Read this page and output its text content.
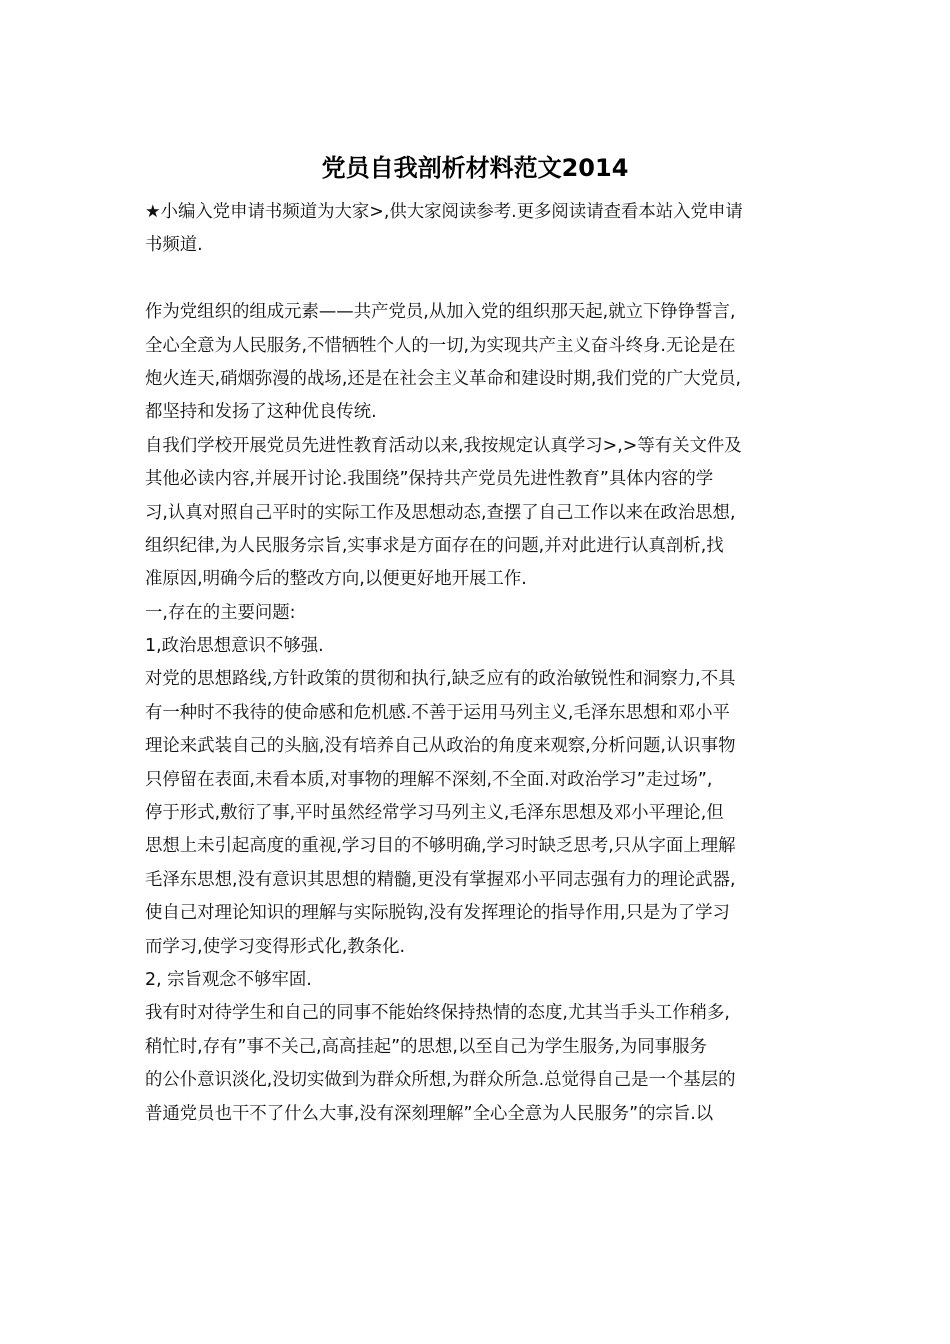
党员自我剖析材料范文2014
★小编入党申请书频道为大家>,供大家阅读参考.更多阅读请查看本站入党申请
书频道.
作为党组织的组成元素——共产党员,从加入党的组织那天起,就立下铮铮誓言,
全心全意为人民服务,不惜牺牲个人的一切,为实现共产主义奋斗终身.无论是在
炮火连天,硝烟弥漫的战场,还是在社会主义革命和建设时期,我们党的广大党员,
都坚持和发扬了这种优良传统.
自我们学校开展党员先进性教育活动以来,我按规定认真学习>,>等有关文件及
其他必读内容,并展开讨论.我围绕”保持共产党员先进性教育”具体内容的学
习,认真对照自己平时的实际工作及思想动态,查摆了自己工作以来在政治思想,
组织纪律,为人民服务宗旨,实事求是方面存在的问题,并对此进行认真剖析,找
准原因,明确今后的整改方向,以便更好地开展工作.
一,存在的主要问题:
1,政治思想意识不够强.
对党的思想路线,方针政策的贯彻和执行,缺乏应有的政治敏锐性和洞察力,不具
有一种时不我待的使命感和危机感.不善于运用马列主义,毛泽东思想和邓小平
理论来武装自己的头脑,没有培养自己从政治的角度来观察,分析问题,认识事物
只停留在表面,未看本质,对事物的理解不深刻,不全面.对政治学习”走过场”,
停于形式,敷衍了事,平时虽然经常学习马列主义,毛泽东思想及邓小平理论,但
思想上未引起高度的重视,学习目的不够明确,学习时缺乏思考,只从字面上理解
毛泽东思想,没有意识其思想的精髓,更没有掌握邓小平同志强有力的理论武器,
使自己对理论知识的理解与实际脱钩,没有发挥理论的指导作用,只是为了学习
而学习,使学习变得形式化,教条化.
2, 宗旨观念不够牢固.
我有时对待学生和自己的同事不能始终保持热情的态度,尤其当手头工作稍多,
稍忙时,存有”事不关己,高高挂起”的思想,以至自己为学生服务,为同事服务
的公仆意识淡化,没切实做到为群众所想,为群众所急.总觉得自己是一个基层的
普通党员也干不了什么大事,没有深刻理解”全心全意为人民服务”的宗旨.以
